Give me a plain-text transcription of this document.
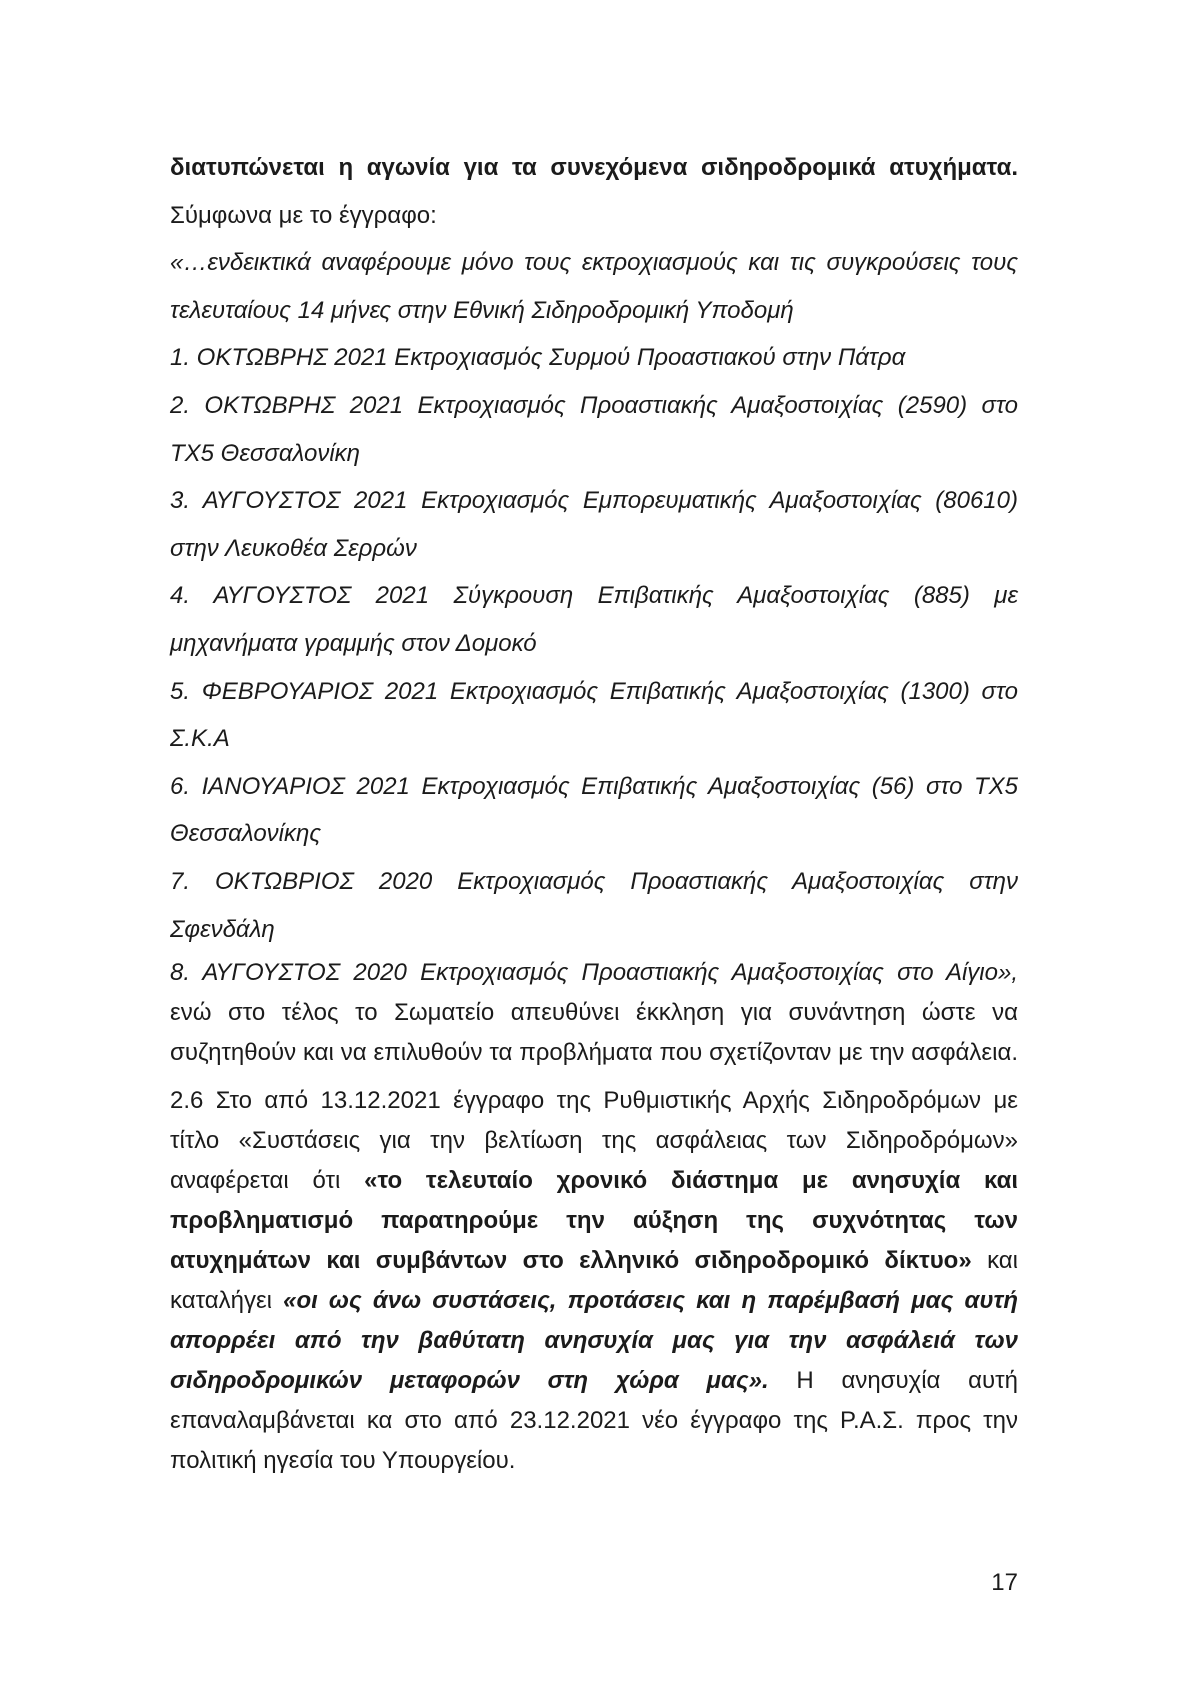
διατυπώνεται η αγωνία για τα συνεχόμενα σιδηροδρομικά ατυχήματα.
Σύμφωνα με το έγγραφο:
«…ενδεικτικά αναφέρουμε μόνο τους εκτροχιασμούς και τις συγκρούσεις τους
τελευταίους 14 μήνες στην Εθνική Σιδηροδρομική Υποδομή
1. ΟΚΤΩΒΡΗΣ 2021 Εκτροχιασμός Συρμού Προαστιακού στην Πάτρα
2. ΟΚΤΩΒΡΗΣ 2021 Εκτροχιασμός Προαστιακής Αμαξοστοιχίας (2590) στο
ΤΧ5 Θεσσαλονίκη
3. ΑΥΓΟΥΣΤΟΣ 2021 Εκτροχιασμός Εμπορευματικής Αμαξοστοιχίας (80610)
στην Λευκοθέα Σερρών
4. ΑΥΓΟΥΣΤΟΣ 2021 Σύγκρουση Επιβατικής Αμαξοστοιχίας (885) με
μηχανήματα γραμμής στον Δομοκό
5. ΦΕΒΡΟΥΑΡΙΟΣ 2021 Εκτροχιασμός Επιβατικής Αμαξοστοιχίας (1300) στο
Σ.Κ.Α
6. ΙΑΝΟΥΑΡΙΟΣ 2021 Εκτροχιασμός Επιβατικής Αμαξοστοιχίας (56) στο ΤΧ5
Θεσσαλονίκης
7. ΟΚΤΩΒΡΙΟΣ 2020 Εκτροχιασμός Προαστιακής Αμαξοστοιχίας στην
Σφενδάλη
8. ΑΥΓΟΥΣΤΟΣ 2020 Εκτροχιασμός Προαστιακής Αμαξοστοιχίας στο Αίγιο»,
ενώ στο τέλος το Σωματείο απευθύνει έκκληση για συνάντηση ώστε να
συζητηθούν και να επιλυθούν τα προβλήματα που σχετίζονταν με την ασφάλεια.
2.6 Στο από 13.12.2021 έγγραφο της Ρυθμιστικής Αρχής Σιδηροδρόμων με
τίτλο «Συστάσεις για την βελτίωση της ασφάλειας των Σιδηροδρόμων»
αναφέρεται ότι «το τελευταίο χρονικό διάστημα με ανησυχία και
προβληματισμό παρατηρούμε την αύξηση της συχνότητας των
ατυχημάτων και συμβάντων στο ελληνικό σιδηροδρομικό δίκτυο» και
καταλήγει «οι ως άνω συστάσεις, προτάσεις και η παρέμβασή μας αυτή
απορρέει από την βαθύτατη ανησυχία μας για την ασφάλειά των
σιδηροδρομικών μεταφορών στη χώρα μας». Η ανησυχία αυτή
επαναλαμβάνεται κα στο από 23.12.2021 νέο έγγραφο της Ρ.Α.Σ. προς την
πολιτική ηγεσία του Υπουργείου.
17
